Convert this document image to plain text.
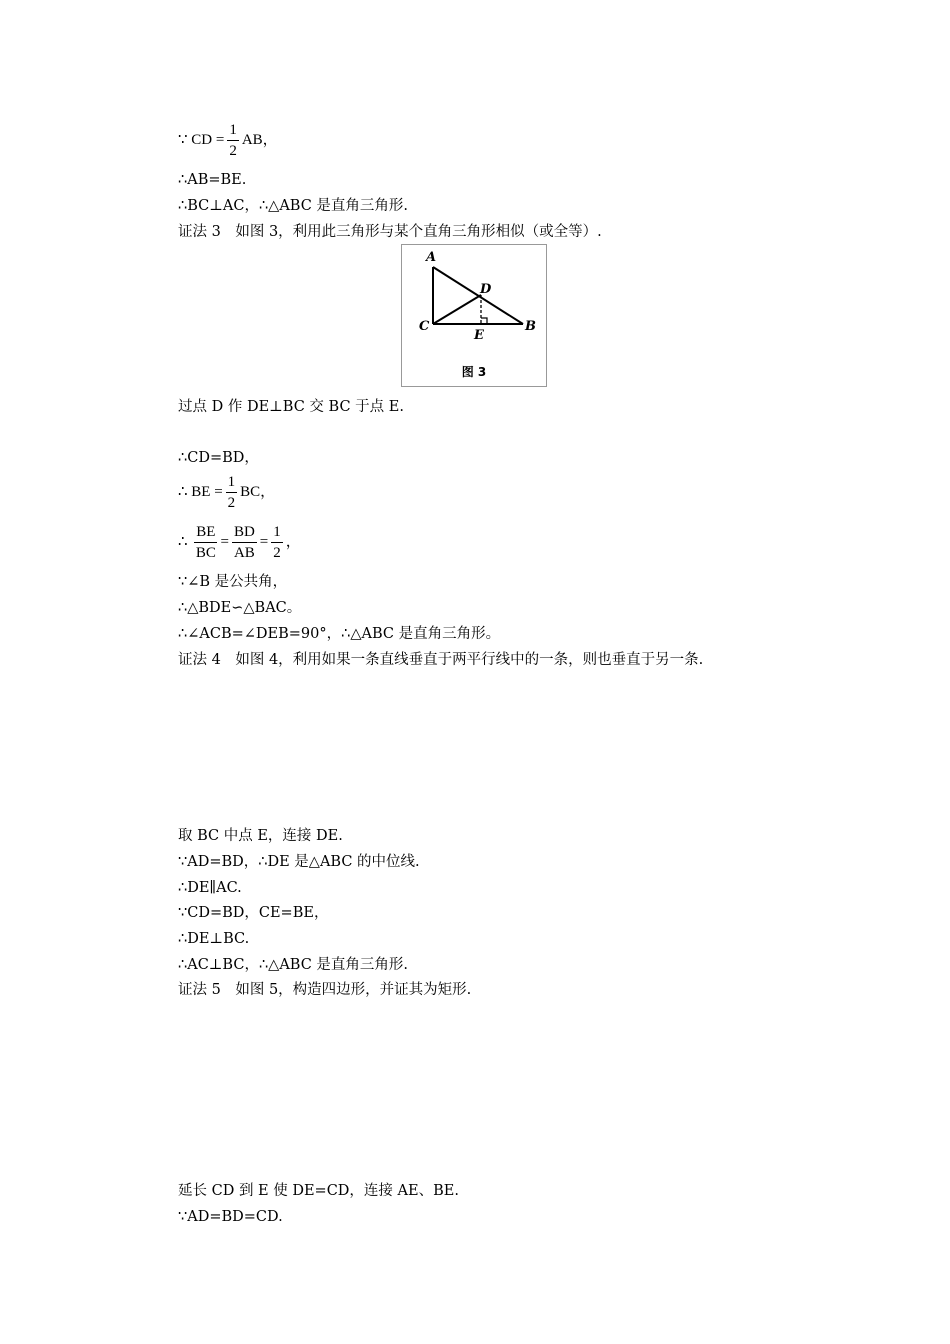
∵ CD = $\frac{1}{2}$ AB，
∴AB=BE.
∴BC⊥AC，∴△ABC 是直角三角形.
证法 3　如图 3，利用此三角形与某个直角三角形相似（或全等）.
A
D
C	B
E
图 3
过点 D 作 DE⊥BC 交 BC 于点 E.
∴CD=BD，
∴ BE = $\frac{1}{2}$ BC，
∴ $\frac{BE}{BC} = \frac{BD}{AB} = \frac{1}{2}$ ，
∵∠B 是公共角，
∴△BDE∽△BAC。
∴∠ACB=∠DEB=90°，∴△ABC 是直角三角形。
证法 4　如图 4，利用如果一条直线垂直于两平行线中的一条，则也垂直于另一条.
取 BC 中点 E，连接 DE.
∵AD=BD，∴DE 是△ABC 的中位线.
∴DE∥AC.
∵CD=BD，CE=BE，
∴DE⊥BC.
∴AC⊥BC，∴△ABC 是直角三角形.
证法 5　如图 5，构造四边形，并证其为矩形.
延长 CD 到 E 使 DE=CD，连接 AE、BE.
∵AD=BD=CD.
